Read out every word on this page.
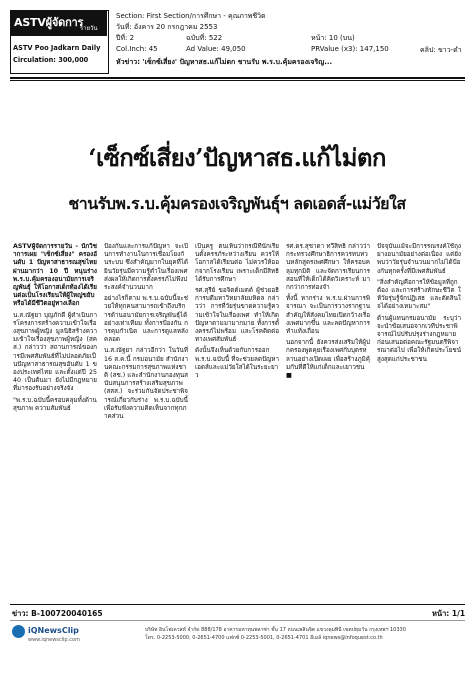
ASTVผู้จัดการ
รายวัน
ASTV Poo Jadkarn Daily
Circulation: 300,000
Section: First Section/การศึกษา - คุณภาพชีวิต
วันที่: อังคาร 20 กรกฎาคม 2553
ปีที่: 2	ฉบับที่: 522	หน้า: 10 (บน)
Col.Inch: 45	Ad Value: 49,050	PRValue (x3): 147,150	คลิป: ขาว-ดำ
หัวข่าว: 'เซ็กซ์เสี่ยง' ปัญหาสธ.แก้ไม่ตก ชานรับ พ.ร.บ.คุ้มครองเจริญ...
‘เซ็กซ์เสี่ยง’ปัญหาสธ.แก้ไม่ตก
ชานรับพ.ร.บ.คุ้มครองเจริญพันธุ์ฯ ลดเอดส์-แม่วัยใส

ASTVผู้จัดการรายวัน - นักวิชาการเผย "เซ็กซ์เสี่ยง" ครองอันดับ 1 ปัญหาสาธารณสุขไทยผ่านมากว่า 10 ปี หนุนร่าง พ.ร.บ.คุ้มครองอนามัยการเจริญพันธุ์ ให้โอกาสเด็กท้องได้เรียนต่อเป็นโรงเรียนให้ผู้ใหญ่ขยับหรือได้มีชีวิตอยู่ทางเลือก

น.ส.ณัฐยา บุญภักดี ผู้ดำเนินการโครงการสร้างความเข้าใจเรื่องสุขภาพผู้หญิง มูลนิธิสร้างความเข้าใจเรื่องสุขภาพผู้หญิง (สคส.) กล่าวว่า สถานการณ์ของการมีเพศสัมพันธ์ที่ไม่ปลอดภัยเป็นปัญหาสาธารณสุขอันดับ 1 ของประเทศไทย และตั้งแต่ปี 2540 เป็นต้นมา ยังไม่มีกฎหมายที่มารองรับอย่างจริงจัง

"พ.ร.บ.ฉบับนี้ครอบคลุมทั้งด้านสุขภาพ ความสัมพันธ์

ป้องกันและการแก้ปัญหา จะเป็นการทำงานในการเชื่อมโยงกันระบบ ซึ่งสำคัญมากในยุคที่ได้ยินวัยรุ่นมีความรู้ต่ำในเรื่องเพศ ส่งผลให้เกิดการตั้งครรภ์ไม่พึงประสงค์จำนวนมาก

อย่างไรก็ตาม พ.ร.บ.ฉบับนี้จะช่วยให้ทุกคนสามารถเข้าถึงบริการด้านอนามัยการเจริญพันธุ์ได้อย่างเท่าเทียม ทั้งการป้องกัน การคุมกำเนิด และการดูแลหลังคลอด

น.ส.ณัฐยา กล่าวอีกว่า ในวันที่ 16 ส.ค.นี้ กรมอนามัย สำนักงานคณะกรรมการสุขภาพแห่งชาติ (สช.) และสำนักงานกองทุนสนับสนุนการสร้างเสริมสุขภาพ (สสส.) จะร่วมกันจัดประชาพิจารณ์เกี่ยวกับร่าง พ.ร.บ.ฉบับนี้ เพื่อรับฟังความคิดเห็นจากทุกภาคส่วน

เป็นครู ตนเห็นว่ากรณีที่นักเรียนตั้งครรภ์ระหว่างเรียน ควรให้โอกาสได้เรียนต่อ ไม่ควรให้ออกจากโรงเรียน เพราะเด็กมีสิทธิได้รับการศึกษา

รศ.สุรีย์ ขอจิตต์เมตต์ ผู้ช่วยอธิการบดีมหาวิทยาลัยมหิดล กล่าวว่า การที่วัยรุ่นขาดความรู้ความเข้าใจในเรื่องเพศ ทำให้เกิดปัญหาตามมามากมาย ทั้งการตั้งครรภ์ไม่พร้อม และโรคติดต่อทางเพศสัมพันธ์

ดังนั้นจึงเห็นด้วยกับการออก พ.ร.บ.ฉบับนี้ ที่จะช่วยลดปัญหาเอดส์และแม่วัยใสได้ในระยะยาว

รศ.ดร.สุชาดา ทวีสิทธิ์ กล่าวว่า กระทรวงศึกษาธิการควรทบทวนหลักสูตรเพศศึกษา ให้ครอบคลุมทุกมิติ และจัดการเรียนการสอนที่ให้เด็กได้คิดวิเคราะห์ มากกว่าการท่องจำ

ทั้งนี้ หากร่าง พ.ร.บ.ผ่านการพิจารณา จะเป็นการวางรากฐานสำคัญให้สังคมไทยเปิดกว้างเรื่องเพศมากขึ้น และลดปัญหาการทำแท้งเถื่อน

นอกจากนี้ ยังควรส่งเสริมให้ผู้ปกครองพูดคุยเรื่องเพศกับบุตรหลานอย่างเปิดเผย เพื่อสร้างภูมิคุ้มกันที่ดีให้แก่เด็กและเยาวชน ■

ปัจจุบันแม้จะมีการรณรงค์ใช้ถุงยางอนามัยอย่างต่อเนื่อง แต่ยังพบว่าวัยรุ่นจำนวนมากไม่ได้ป้องกันทุกครั้งที่มีเพศสัมพันธ์

"สิ่งสำคัญคือการให้ข้อมูลที่ถูกต้อง และการสร้างทักษะชีวิต ให้วัยรุ่นรู้จักปฏิเสธ และตัดสินใจได้อย่างเหมาะสม"

ด้านผู้แทนกรมอนามัย ระบุว่า จะนำข้อเสนอจากเวทีประชาพิจารณ์ไปปรับปรุงร่างกฎหมาย ก่อนเสนอต่อคณะรัฐมนตรีพิจารณาต่อไป เพื่อให้เกิดประโยชน์สูงสุดแก่ประชาชน

ข่าว: B-100720040165	หน้า: 1/1
iQNewsClip
www.iqnewsclip.com
บริษัท อินโฟเควสท์ จำกัด 888/178 อาคารมหาทุนพลาซ่า ชั้น 17 ถนนเพลินจิต แขวงลุมพินี เขตปทุมวัน กรุงเทพฯ 10330
โทร. 0-2253-5000, 0-2651-4700 แฟกซ์ 0-2253-5001, 0-2651-4701 อีเมล์ iqnews@infoquest.co.th
